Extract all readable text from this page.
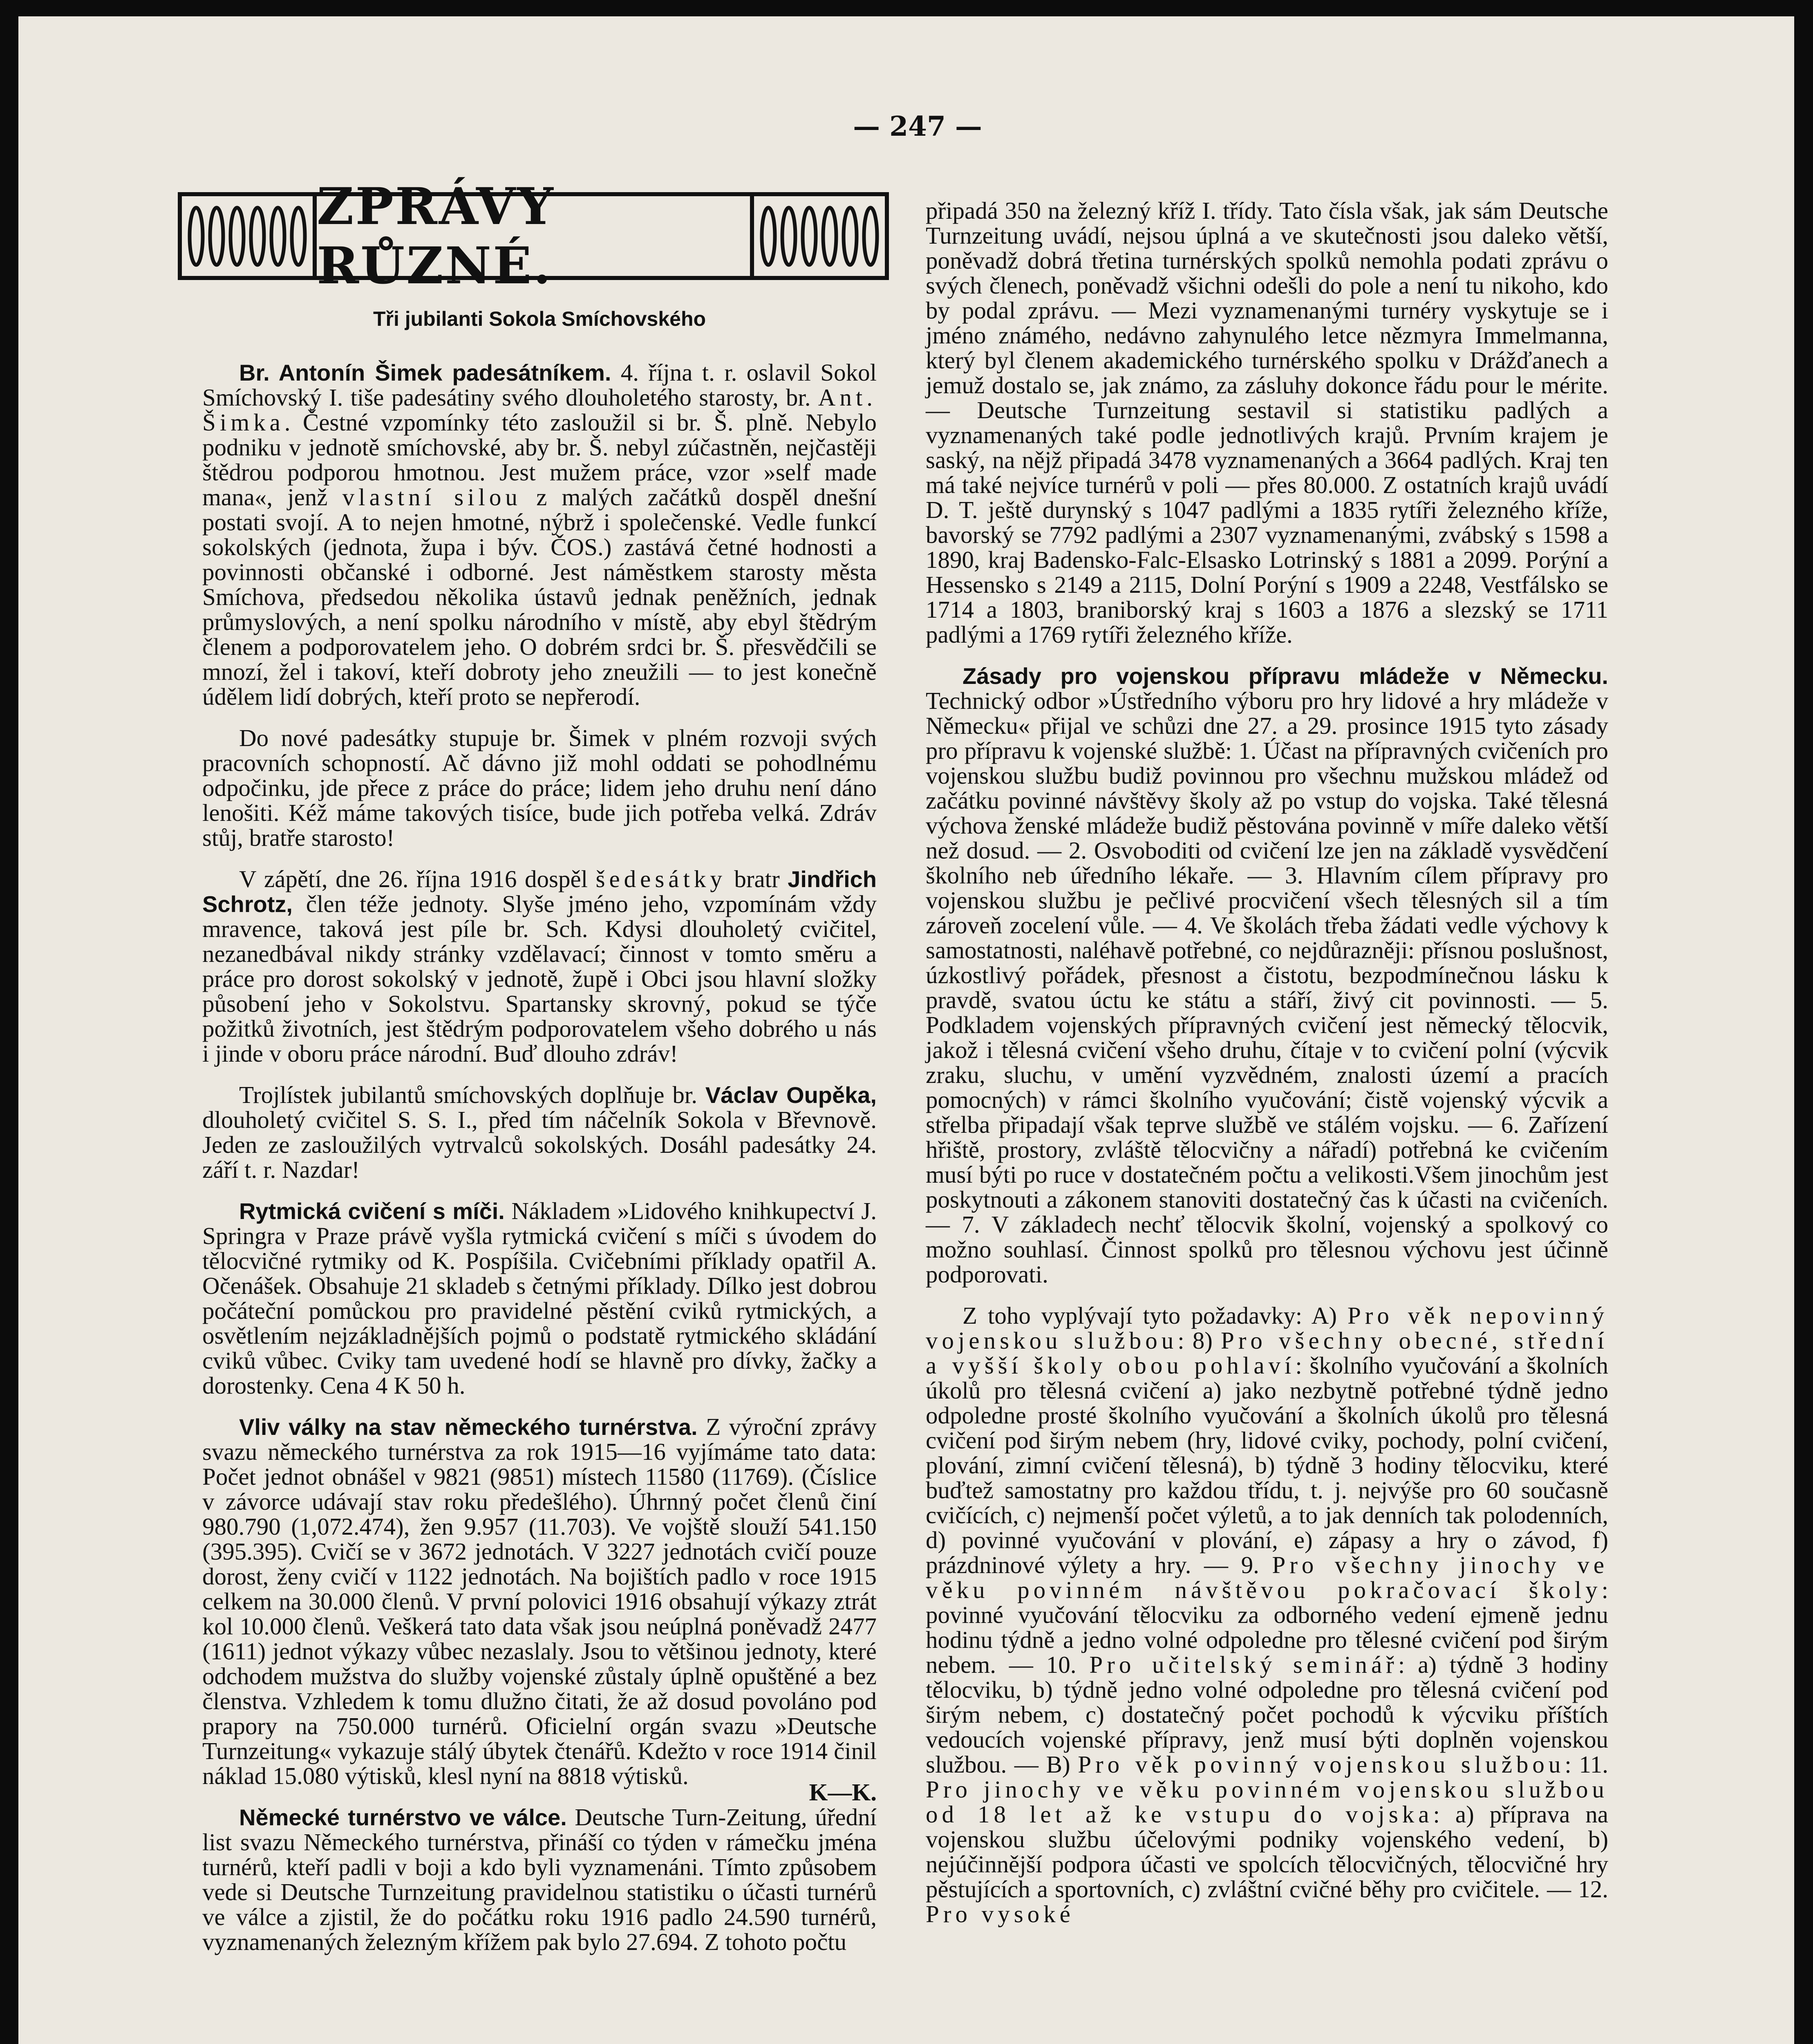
— 247 —
ZPRÁVY RŮZNÉ.
Tři jubilanti Sokola Smíchovského

Br. Antonín Šimek padesátníkem. 4. října t. r. oslavil Sokol Smíchovský I. tiše padesátiny svého dlouholetého starosty, br. Ant. Šimka. Čestné vzpomínky této zasloužil si br. Š. plně. Nebylo podniku v jednotě smíchovské, aby br. Š. nebyl zúčastněn, nejčastěji štědrou podporou hmotnou. Jest mužem práce, vzor »self made mana«, jenž vlastní silou z malých začátků dospěl dnešní postati svojí. A to nejen hmotné, nýbrž i společenské. Vedle funkcí sokolských (jednota, župa i býv. ČOS.) zastává četné hodnosti a povinnosti občanské i odborné. Jest náměstkem starosty města Smíchova, předsedou několika ústavů jednak peněžních, jednak průmyslových, a není spolku národního v místě, aby ebyl štědrým členem a podporovatelem jeho. O dobrém srdci br. Š. přesvědčili se mnozí, žel i takoví, kteří dobroty jeho zneužili — to jest konečně údělem lidí dobrých, kteří proto se nepřerodí.

Do nové padesátky stupuje br. Šimek v plném rozvoji svých pracovních schopností. Ač dávno již mohl oddati se pohodlnému odpočinku, jde přece z práce do práce; lidem jeho druhu není dáno lenošiti. Kéž máme takových tisíce, bude jich potřeba velká. Zdráv stůj, bratře starosto!

V zápětí, dne 26. října 1916 dospěl šedesátky bratr Jindřich Schrotz, člen téže jednoty. Slyše jméno jeho, vzpomínám vždy mravence, taková jest píle br. Sch. Kdysi dlouholetý cvičitel, nezanedbával nikdy stránky vzdělavací; činnost v tomto směru a práce pro dorost sokolský v jednotě, župě i Obci jsou hlavní složky působení jeho v Sokolstvu. Spartansky skrovný, pokud se týče požitků životních, jest štědrým podporovatelem všeho dobrého u nás i jinde v oboru práce národní. Buď dlouho zdráv!

Trojlístek jubilantů smíchovských doplňuje br. Václav Oupěka, dlouholetý cvičitel S. S. I., před tím náčelník Sokola v Břevnově. Jeden ze zasloužilých vytrvalců sokolských. Dosáhl padesátky 24. září t. r. Nazdar!

Rytmická cvičení s míči. Nákladem »Lidového knihkupectví J. Springra v Praze právě vyšla rytmická cvičení s míči s úvodem do tělocvičné rytmiky od K. Pospíšila. Cvičebními příklady opatřil A. Očenášek. Obsahuje 21 skladeb s četnými příklady. Dílko jest dobrou počáteční pomůckou pro pravidelné pěstění cviků rytmických, a osvětlením nejzákladnějších pojmů o podstatě rytmického skládání cviků vůbec. Cviky tam uvedené hodí se hlavně pro dívky, žačky a dorostenky. Cena 4 K 50 h.

Vliv války na stav německého turnérstva. Z výroční zprávy svazu německého turnérstva za rok 1915—16 vyjímáme tato data: Počet jednot obnášel v 9821 (9851) místech 11580 (11769). (Číslice v závorce udávají stav roku předešlého). Úhrnný počet členů činí 980.790 (1,072.474), žen 9.957 (11.703). Ve vojště slouží 541.150 (395.395). Cvičí se v 3672 jednotách. V 3227 jednotách cvičí pouze dorost, ženy cvičí v 1122 jednotách. Na bojištích padlo v roce 1915 celkem na 30.000 členů. V první polovici 1916 obsahují výkazy ztrát kol 10.000 členů. Veškerá tato data však jsou neúplná poněvadž 2477 (1611) jednot výkazy vůbec nezaslaly. Jsou to většinou jednoty, které odchodem mužstva do služby vojenské zůstaly úplně opuštěné a bez členstva. Vzhledem k tomu dlužno čitati, že až dosud povoláno pod prapory na 750.000 turnérů. Oficielní orgán svazu »Deutsche Turnzeitung« vykazuje stálý úbytek čtenářů. Kdežto v roce 1914 činil náklad 15.080 výtisků, klesl nyní na 8818 výtisků.

K—K.

Německé turnérstvo ve válce. Deutsche Turn-Zeitung, úřední list svazu Německého turnérstva, přináší co týden v rámečku jména turnérů, kteří padli v boji a kdo byli vyznamenáni. Tímto způsobem vede si Deutsche Turnzeitung pravidelnou statistiku o účasti turnérů ve válce a zjistil, že do počátku roku 1916 padlo 24.590 turnérů, vyznamenaných železným křížem pak bylo 27.694. Z tohoto počtu

připadá 350 na železný kříž I. třídy. Tato čísla však, jak sám Deutsche Turnzeitung uvádí, nejsou úplná a ve skutečnosti jsou daleko větší, poněvadž dobrá třetina turnérských spolků nemohla podati zprávu o svých členech, poněvadž všichni odešli do pole a není tu nikoho, kdo by podal zprávu. — Mezi vyznamenanými turnéry vyskytuje se i jméno známého, nedávno zahynulého letce nězmyra Immelmanna, který byl členem akademického turnérského spolku v Drážďanech a jemuž dostalo se, jak známo, za zásluhy dokonce řádu pour le mérite. — Deutsche Turnzeitung sestavil si statistiku padlých a vyznamenaných také podle jednotlivých krajů. Prvním krajem je saský, na nějž připadá 3478 vyznamenaných a 3664 padlých. Kraj ten má také nejvíce turnérů v poli — přes 80.000. Z ostatních krajů uvádí D. T. ještě durynský s 1047 padlými a 1835 rytíři železného kříže, bavorský se 7792 padlými a 2307 vyznamenanými, zvábský s 1598 a 1890, kraj Badensko-Falc-Elsasko Lotrinský s 1881 a 2099. Porýní a Hessensko s 2149 a 2115, Dolní Porýní s 1909 a 2248, Vestfálsko se 1714 a 1803, braniborský kraj s 1603 a 1876 a slezský se 1711 padlými a 1769 rytíři železného kříže.

Zásady pro vojenskou přípravu mládeže v Německu. Technický odbor »Ústředního výboru pro hry lidové a hry mládeže v Německu« přijal ve schůzi dne 27. a 29. prosince 1915 tyto zásady pro přípravu k vojenské službě: 1. Účast na přípravných cvičeních pro vojenskou službu budiž povinnou pro všechnu mužskou mládež od začátku povinné návštěvy školy až po vstup do vojska. Také tělesná výchova ženské mládeže budiž pěstována povinně v míře daleko větší než dosud. — 2. Osvoboditi od cvičení lze jen na základě vysvědčení školního neb úředního lékaře. — 3. Hlavním cílem přípravy pro vojenskou službu je pečlivé procvičení všech tělesných sil a tím zároveň zocelení vůle. — 4. Ve školách třeba žádati vedle výchovy k samostatnosti, naléhavě potřebné, co nejdůrazněji: přísnou poslušnost, úzkostlivý pořádek, přesnost a čistotu, bezpodmínečnou lásku k pravdě, svatou úctu ke státu a stáří, živý cit povinnosti. — 5. Podkladem vojenských přípravných cvičení jest německý tělocvik, jakož i tělesná cvičení všeho druhu, čítaje v to cvičení polní (výcvik zraku, sluchu, v umění vyzvědném, znalosti území a pracích pomocných) v rámci školního vyučování; čistě vojenský výcvik a střelba připadají však teprve službě ve stálém vojsku. — 6. Zařízení hřiště, prostory, zvláště tělocvičny a nářadí) potřebná ke cvičením musí býti po ruce v dostatečném počtu a velikosti.Všem jinochům jest poskytnouti a zákonem stanoviti dostatečný čas k účasti na cvičeních. — 7. V základech nechť tělocvik školní, vojenský a spolkový co možno souhlasí. Činnost spolků pro tělesnou výchovu jest účinně podporovati.

Z toho vyplývají tyto požadavky: A) Pro věk nepovinný vojenskou službou: 8) Pro všechny obecné, střední a vyšší školy obou pohlaví: školního vyučování a školních úkolů pro tělesná cvičení a) jako nezbytně potřebné týdně jedno odpoledne prosté školního vyučování a školních úkolů pro tělesná cvičení pod širým nebem (hry, lidové cviky, pochody, polní cvičení, plování, zimní cvičení tělesná), b) týdně 3 hodiny tělocviku, které buďtež samostatny pro každou třídu, t. j. nejvýše pro 60 současně cvičících, c) nejmenší počet výletů, a to jak denních tak polodenních, d) povinné vyučování v plování, e) zápasy a hry o závod, f) prázdninové výlety a hry. — 9. Pro všechny jinochy ve věku povinném návštěvou pokračovací školy: povinné vyučování tělocviku za odborného vedení ejmeně jednu hodinu týdně a jedno volné odpoledne pro tělesné cvičení pod širým nebem. — 10. Pro učitelský seminář: a) týdně 3 hodiny tělocviku, b) týdně jedno volné odpoledne pro tělesná cvičení pod širým nebem, c) dostatečný počet pochodů k výcviku příštích vedoucích vojenské přípravy, jenž musí býti doplněn vojenskou službou. — B) Pro věk povinný vojenskou službou: 11. Pro jinochy ve věku povinném vojenskou službou od 18 let až ke vstupu do vojska: a) příprava na vojenskou službu účelovými podniky vojenského vedení, b) nejúčinnější podpora účasti ve spolcích tělocvičných, tělocvičné hry pěstujících a sportovních, c) zvláštní cvičné běhy pro cvičitele. — 12. Pro vysoké
